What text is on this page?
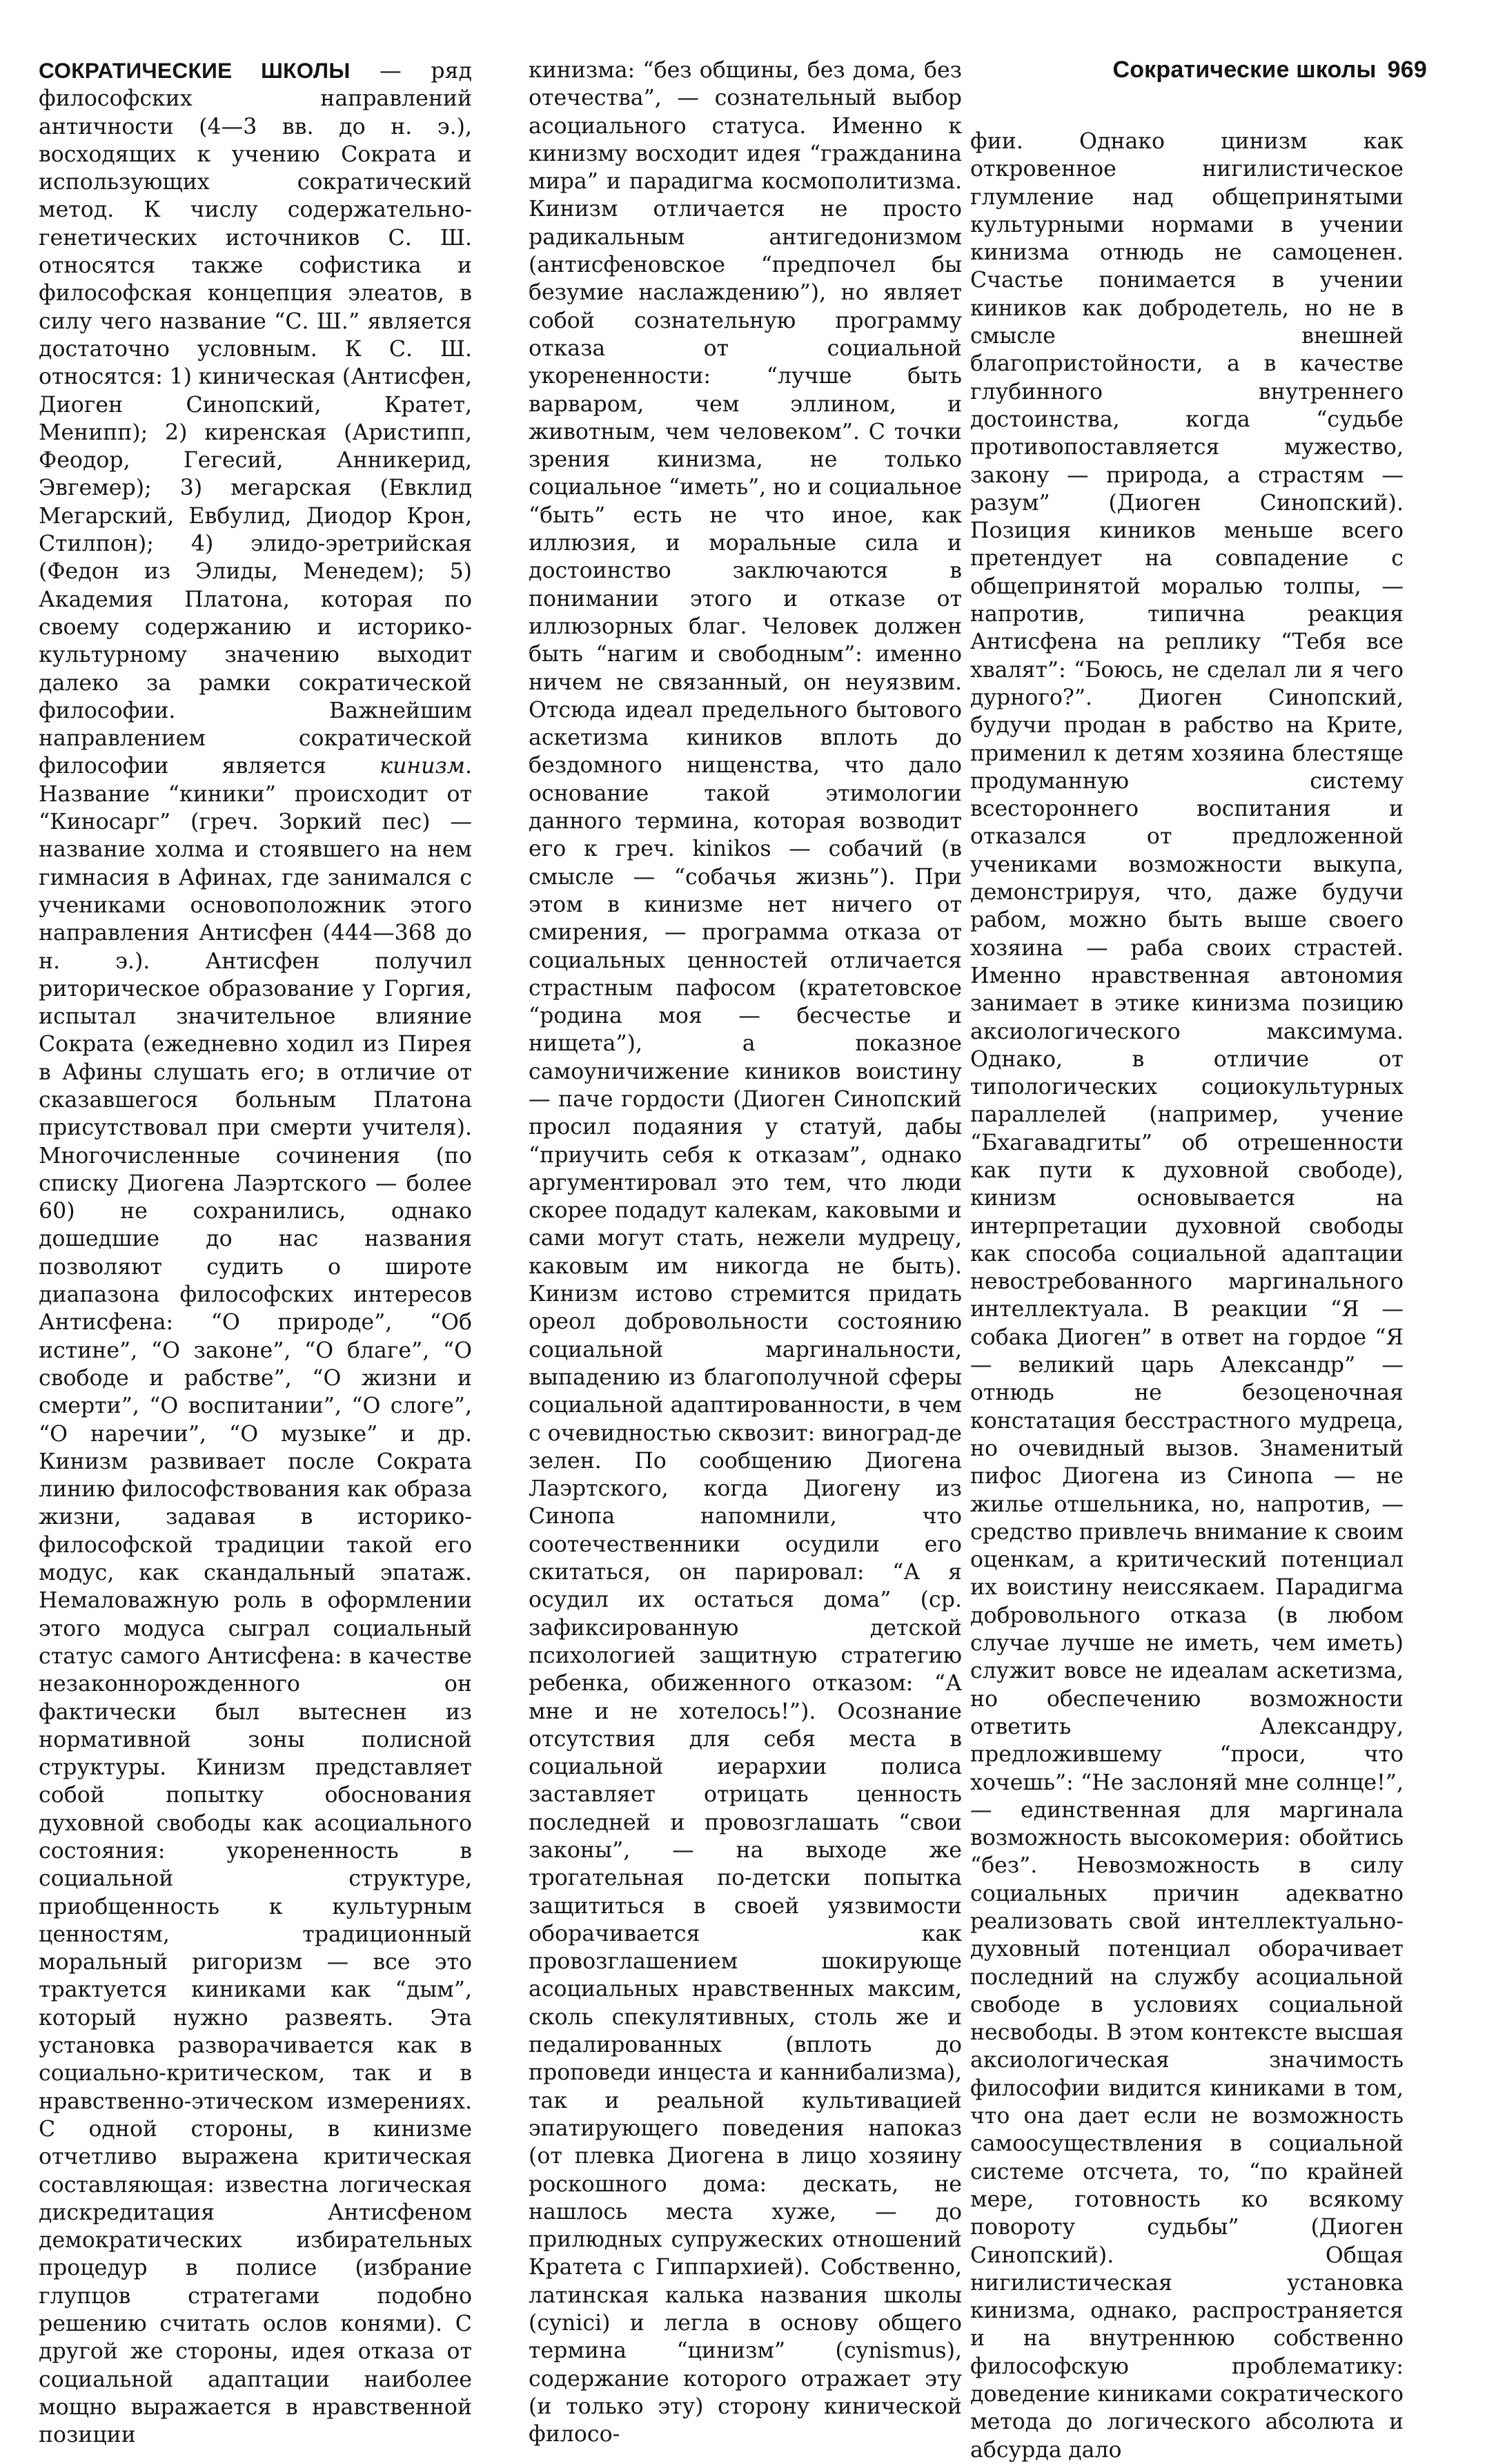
Сократические школы 969

СОКРАТИЧЕСКИЕ ШКОЛЫ — ряд философских направлений античности (4—3 вв. до н. э.), восходящих к учению Сократа и использующих сократический метод. К числу содержательно-генетических источников С. Ш. относятся также софистика и философская концепция элеатов, в силу чего название “С. Ш.” является достаточно условным. К С. Ш. относятся: 1) киническая (Антисфен, Диоген Синопский, Кратет, Менипп); 2) киренская (Аристипп, Феодор, Гегесий, Анникерид, Эвгемер); 3) мегарская (Евклид Мегарский, Евбулид, Диодор Крон, Стилпон); 4) элидо-эретрийская (Федон из Элиды, Менедем); 5) Академия Платона, которая по своему содержанию и историко-культурному значению выходит далеко за рамки сократической философии. Важнейшим направлением сократической философии является кинизм. Название “киники” происходит от “Киносарг” (греч. Зоркий пес) — название холма и стоявшего на нем гимнасия в Афинах, где занимался с учениками основоположник этого направления Антисфен (444—368 до н. э.). Антисфен получил риторическое образование у Горгия, испытал значительное влияние Сократа (ежедневно ходил из Пирея в Афины слушать его; в отличие от сказавшегося больным Платона присутствовал при смерти учителя). Многочисленные сочинения (по списку Диогена Лаэртского — более 60) не сохранились, однако дошедшие до нас названия позволяют судить о широте диапазона философских интересов Антисфена: “О природе”, “Об истине”, “О законе”, “О благе”, “О свободе и рабстве”, “О жизни и смерти”, “О воспитании”, “О слоге”, “О наречии”, “О музыке” и др. Кинизм развивает после Сократа линию философствования как образа жизни, задавая в историко-философской традиции такой его модус, как скандальный эпатаж. Немаловажную роль в оформлении этого модуса сыграл социальный статус самого Антисфена: в качестве незаконнорожденного он фактически был вытеснен из нормативной зоны полисной структуры. Кинизм представляет собой попытку обоснования духовной свободы как асоциального состояния: укорененность в социальной структуре, приобщенность к культурным ценностям, традиционный моральный ригоризм — все это трактуется киниками как “дым”, который нужно развеять. Эта установка разворачивается как в социально-критическом, так и в нравственно-этическом измерениях. С одной стороны, в кинизме отчетливо выражена критическая составляющая: известна логическая дискредитация Антисфеном демократических избирательных процедур в полисе (избрание глупцов стратегами подобно решению считать ослов конями). С другой же стороны, идея отказа от социальной адаптации наиболее мощно выражается в нравственной позиции

кинизма: “без общины, без дома, без отечества”, — сознательный выбор асоциального статуса. Именно к кинизму восходит идея “гражданина мира” и парадигма космополитизма. Кинизм отличается не просто радикальным антигедонизмом (антисфеновское “предпочел бы безумие наслаждению”), но являет собой сознательную программу отказа от социальной укорененности: “лучше быть варваром, чем эллином, и животным, чем человеком”. С точки зрения кинизма, не только социальное “иметь”, но и социальное “быть” есть не что иное, как иллюзия, и моральные сила и достоинство заключаются в понимании этого и отказе от иллюзорных благ. Человек должен быть “нагим и свободным”: именно ничем не связанный, он неуязвим. Отсюда идеал предельного бытового аскетизма киников вплоть до бездомного нищенства, что дало основание такой этимологии данного термина, которая возводит его к греч. kinikos — собачий (в смысле — “собачья жизнь”). При этом в кинизме нет ничего от смирения, — программа отказа от социальных ценностей отличается страстным пафосом (кратетовское “родина моя — бесчестье и нищета”), а показное самоуничижение киников воистину — паче гордости (Диоген Синопский просил подаяния у статуй, дабы “приучить себя к отказам”, однако аргументировал это тем, что люди скорее подадут калекам, каковыми и сами могут стать, нежели мудрецу, каковым им никогда не быть). Кинизм истово стремится придать ореол добровольности состоянию социальной маргинальности, выпадению из благополучной сферы социальной адаптированности, в чем с очевидностью сквозит: виноград-де зелен. По сообщению Диогена Лаэртского, когда Диогену из Синопа напомнили, что соотечественники осудили его скитаться, он парировал: “А я осудил их остаться дома” (ср. зафиксированную детской психологией защитную стратегию ребенка, обиженного отказом: “А мне и не хотелось!”). Осознание отсутствия для себя места в социальной иерархии полиса заставляет отрицать ценность последней и провозглашать “свои законы”, — на выходе же трогательная по-детски попытка защититься в своей уязвимости оборачивается как провозглашением шокирующе асоциальных нравственных максим, сколь спекулятивных, столь же и педалированных (вплоть до проповеди инцеста и каннибализма), так и реальной культивацией эпатирующего поведения напоказ (от плевка Диогена в лицо хозяину роскошного дома: дескать, не нашлось места хуже, — до прилюдных супружеских отношений Кратета с Гиппархией). Собственно, латинская калька названия школы (cynici) и легла в основу общего термина “цинизм” (cynismus), содержание которого отражает эту (и только эту) сторону кинической филосо-

фии. Однако цинизм как откровенное нигилистическое глумление над общепринятыми культурными нормами в учении кинизма отнюдь не самоценен. Счастье понимается в учении киников как добродетель, но не в смысле внешней благопристойности, а в качестве глубинного внутреннего достоинства, когда “судьбе противопоставляется мужество, закону — природа, а страстям — разум” (Диоген Синопский). Позиция киников меньше всего претендует на совпадение с общепринятой моралью толпы, — напротив, типична реакция Антисфена на реплику “Тебя все хвалят”: “Боюсь, не сделал ли я чего дурного?”. Диоген Синопский, будучи продан в рабство на Крите, применил к детям хозяина блестяще продуманную систему всестороннего воспитания и отказался от предложенной учениками возможности выкупа, демонстрируя, что, даже будучи рабом, можно быть выше своего хозяина — раба своих страстей. Именно нравственная автономия занимает в этике кинизма позицию аксиологического максимума. Однако, в отличие от типологических социокультурных параллелей (например, учение “Бхагавадгиты” об отрешенности как пути к духовной свободе), кинизм основывается на интерпретации духовной свободы как способа социальной адаптации невостребованного маргинального интеллектуала. В реакции “Я — собака Диоген” в ответ на гордое “Я — великий царь Александр” — отнюдь не безоценочная констатация бесстрастного мудреца, но очевидный вызов. Знаменитый пифос Диогена из Синопа — не жилье отшельника, но, напротив, — средство привлечь внимание к своим оценкам, а критический потенциал их воистину неиссякаем. Парадигма добровольного отказа (в любом случае лучше не иметь, чем иметь) служит вовсе не идеалам аскетизма, но обеспечению возможности ответить Александру, предложившему “проси, что хочешь”: “Не заслоняй мне солнце!”, — единственная для маргинала возможность высокомерия: обойтись “без”. Невозможность в силу социальных причин адекватно реализовать свой интеллектуально-духовный потенциал оборачивает последний на службу асоциальной свободе в условиях социальной несвободы. В этом контексте высшая аксиологическая значимость философии видится киниками в том, что она дает если не возможность самоосуществления в социальной системе отсчета, то, “по крайней мере, готовность ко всякому повороту судьбы” (Диоген Синопский). Общая нигилистическая установка кинизма, однако, распространяется и на внутреннюю собственно философскую проблематику: доведение киниками сократического метода до логического абсолюта и абсурда дало
